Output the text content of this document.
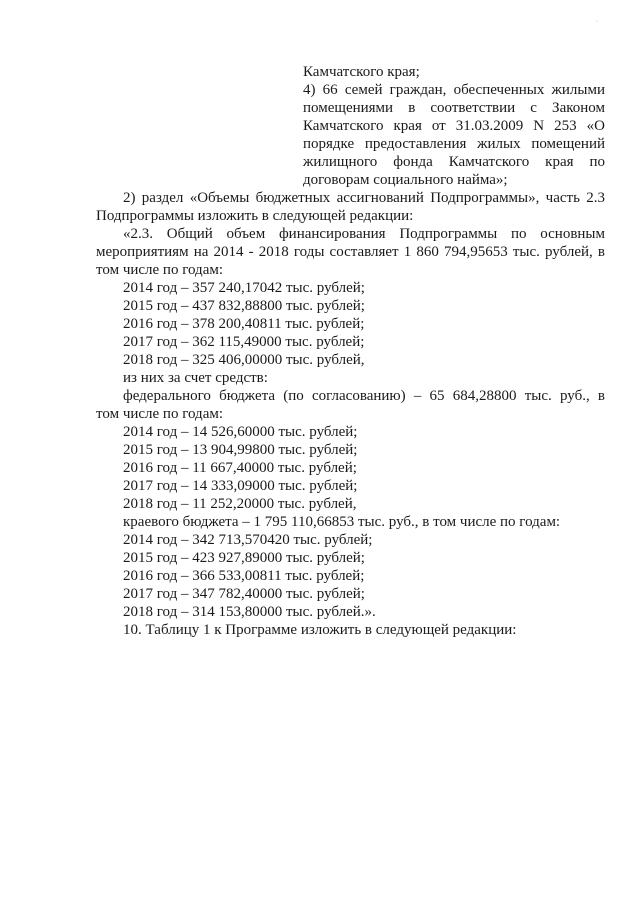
·
Камчатского края;
4) 66 семей граждан, обеспеченных жилыми
помещениями в соответствии с Законом
Камчатского края от 31.03.2009 N 253 «О
порядке предоставления жилых помещений
жилищного фонда Камчатского края по
договорам социального найма»;
2) раздел «Объемы бюджетных ассигнований Подпрограммы», часть 2.3
Подпрограммы изложить в следующей редакции:
«2.3. Общий объем финансирования Подпрограммы по основным
мероприятиям на 2014 - 2018 годы составляет 1 860 794,95653 тыс. рублей, в
том числе по годам:
2014 год – 357 240,17042 тыс. рублей;
2015 год – 437 832,88800 тыс. рублей;
2016 год – 378 200,40811 тыс. рублей;
2017 год – 362 115,49000 тыс. рублей;
2018 год – 325 406,00000 тыс. рублей,
из них за счет средств:
федерального бюджета (по согласованию) – 65 684,28800 тыс. руб., в
том числе по годам:
2014 год – 14 526,60000 тыс. рублей;
2015 год – 13 904,99800 тыс. рублей;
2016 год – 11 667,40000 тыс. рублей;
2017 год – 14 333,09000 тыс. рублей;
2018 год – 11 252,20000 тыс. рублей,
краевого бюджета – 1 795 110,66853 тыс. руб., в том числе по годам:
2014 год – 342 713,570420 тыс. рублей;
2015 год – 423 927,89000 тыс. рублей;
2016 год – 366 533,00811 тыс. рублей;
2017 год – 347 782,40000 тыс. рублей;
2018 год – 314 153,80000 тыс. рублей.».
10. Таблицу 1 к Программе изложить в следующей редакции:
